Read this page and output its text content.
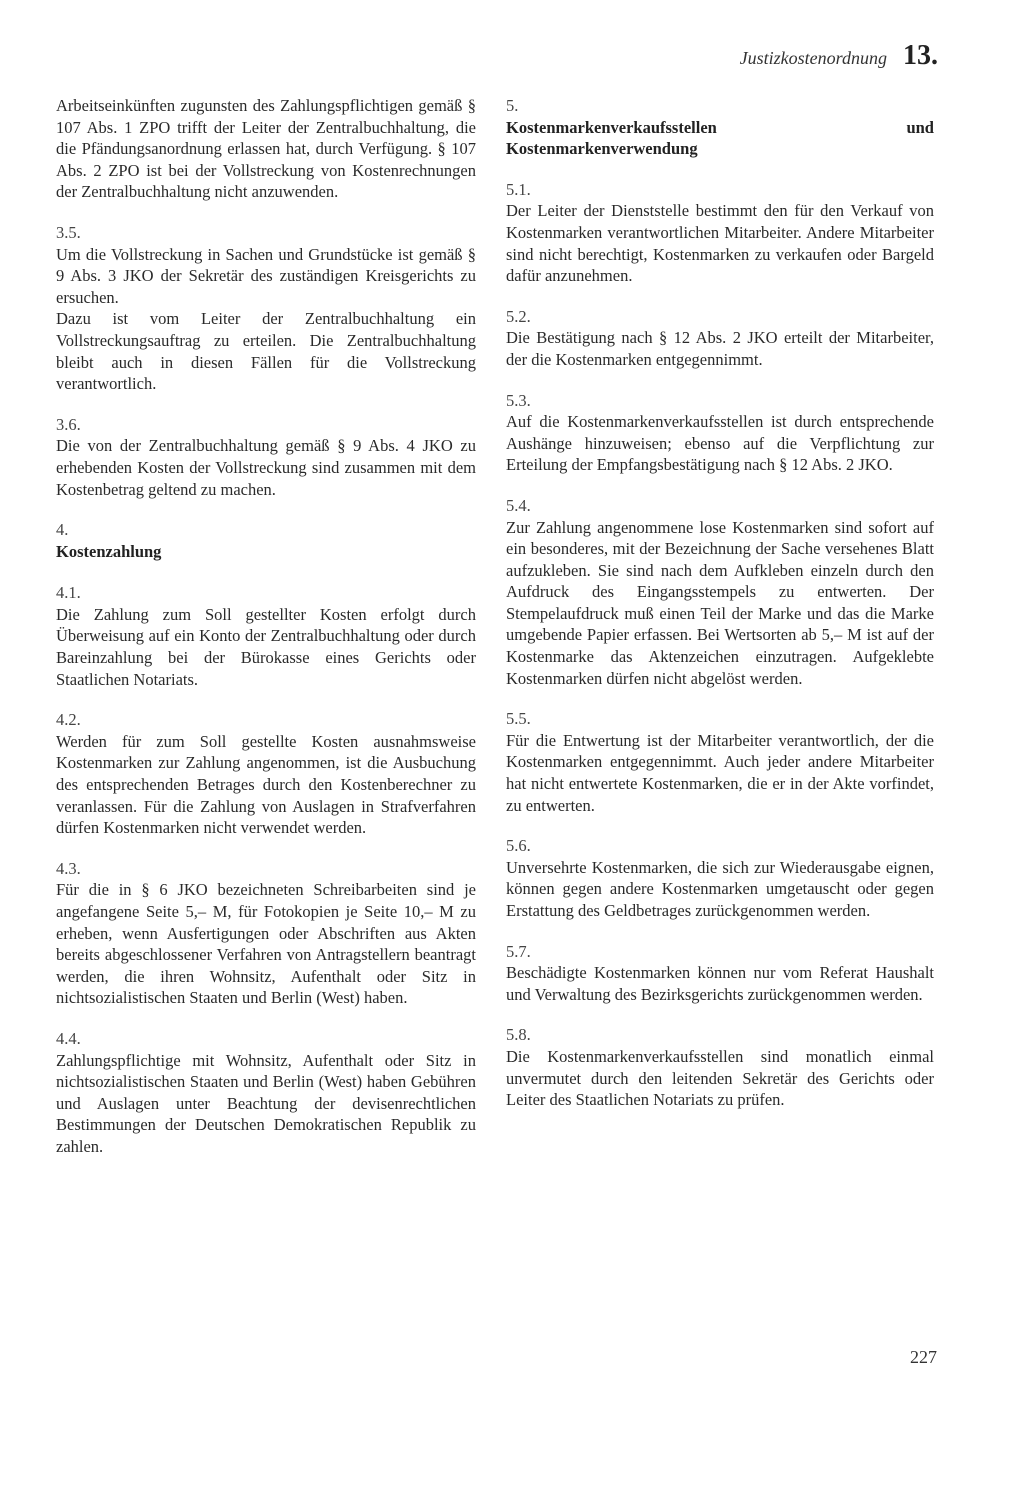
Justizkostenordnung 13.
Arbeitseinkünften zugunsten des Zahlungspflichtigen gemäß § 107 Abs. 1 ZPO trifft der Leiter der Zentralbuchhaltung, die die Pfändungsanordnung erlassen hat, durch Verfügung. § 107 Abs. 2 ZPO ist bei der Vollstreckung von Kostenrechnungen der Zentralbuchhaltung nicht anzuwenden.
3.5.
Um die Vollstreckung in Sachen und Grundstücke ist gemäß § 9 Abs. 3 JKO der Sekretär des zuständigen Kreisgerichts zu ersuchen.
Dazu ist vom Leiter der Zentralbuchhaltung ein Vollstreckungsauftrag zu erteilen. Die Zentralbuchhaltung bleibt auch in diesen Fällen für die Vollstreckung verantwortlich.
3.6.
Die von der Zentralbuchhaltung gemäß § 9 Abs. 4 JKO zu erhebenden Kosten der Vollstreckung sind zusammen mit dem Kostenbetrag geltend zu machen.
4.
Kostenzahlung
4.1.
Die Zahlung zum Soll gestellter Kosten erfolgt durch Überweisung auf ein Konto der Zentralbuchhaltung oder durch Bareinzahlung bei der Bürokasse eines Gerichts oder Staatlichen Notariats.
4.2.
Werden für zum Soll gestellte Kosten ausnahmsweise Kostenmarken zur Zahlung angenommen, ist die Ausbuchung des entsprechenden Betrages durch den Kostenberechner zu veranlassen. Für die Zahlung von Auslagen in Strafverfahren dürfen Kostenmarken nicht verwendet werden.
4.3.
Für die in § 6 JKO bezeichneten Schreibarbeiten sind je angefangene Seite 5,– M, für Fotokopien je Seite 10,– M zu erheben, wenn Ausfertigungen oder Abschriften aus Akten bereits abgeschlossener Verfahren von Antragstellern beantragt werden, die ihren Wohnsitz, Aufenthalt oder Sitz in nichtsozialistischen Staaten und Berlin (West) haben.
4.4.
Zahlungspflichtige mit Wohnsitz, Aufenthalt oder Sitz in nichtsozialistischen Staaten und Berlin (West) haben Gebühren und Auslagen unter Beachtung der devisenrechtlichen Bestimmungen der Deutschen Demokratischen Republik zu zahlen.
5.
Kostenmarkenverkaufsstellen und Kostenmarkenverwendung
5.1.
Der Leiter der Dienststelle bestimmt den für den Verkauf von Kostenmarken verantwortlichen Mitarbeiter. Andere Mitarbeiter sind nicht berechtigt, Kostenmarken zu verkaufen oder Bargeld dafür anzunehmen.
5.2.
Die Bestätigung nach § 12 Abs. 2 JKO erteilt der Mitarbeiter, der die Kostenmarken entgegennimmt.
5.3.
Auf die Kostenmarkenverkaufsstellen ist durch entsprechende Aushänge hinzuweisen; ebenso auf die Verpflichtung zur Erteilung der Empfangsbestätigung nach § 12 Abs. 2 JKO.
5.4.
Zur Zahlung angenommene lose Kostenmarken sind sofort auf ein besonderes, mit der Bezeichnung der Sache versehenes Blatt aufzukleben. Sie sind nach dem Aufkleben einzeln durch den Aufdruck des Eingangsstempels zu entwerten. Der Stempelaufdruck muß einen Teil der Marke und das die Marke umgebende Papier erfassen. Bei Wertsorten ab 5,– M ist auf der Kostenmarke das Aktenzeichen einzutragen. Aufgeklebte Kostenmarken dürfen nicht abgelöst werden.
5.5.
Für die Entwertung ist der Mitarbeiter verantwortlich, der die Kostenmarken entgegennimmt. Auch jeder andere Mitarbeiter hat nicht entwertete Kostenmarken, die er in der Akte vorfindet, zu entwerten.
5.6.
Unversehrte Kostenmarken, die sich zur Wiederausgabe eignen, können gegen andere Kostenmarken umgetauscht oder gegen Erstattung des Geldbetrages zurückgenommen werden.
5.7.
Beschädigte Kostenmarken können nur vom Referat Haushalt und Verwaltung des Bezirksgerichts zurückgenommen werden.
5.8.
Die Kostenmarkenverkaufsstellen sind monatlich einmal unvermutet durch den leitenden Sekretär des Gerichts oder Leiter des Staatlichen Notariats zu prüfen.
227
